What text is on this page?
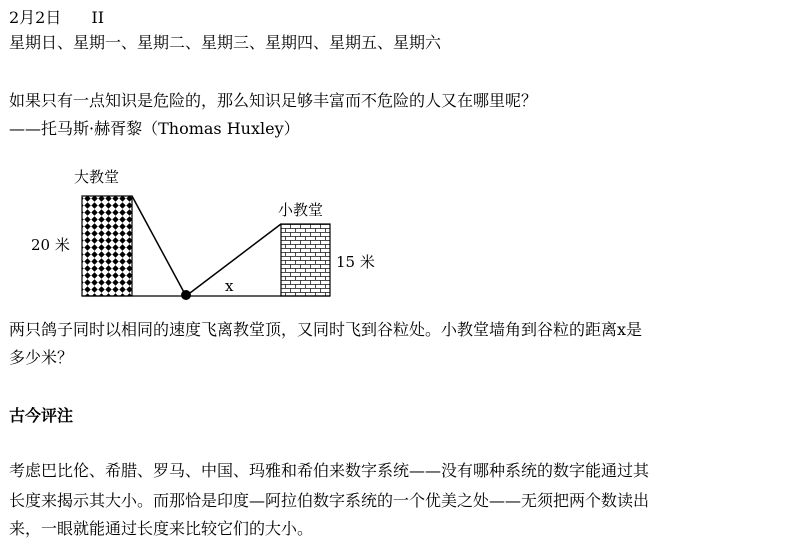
2月2日 II
星期日、星期一、星期二、星期三、星期四、星期五、星期六
如果只有一点知识是危险的，那么知识足够丰富而不危险的人又在哪里呢？
——托马斯·赫胥黎（Thomas Huxley）
大教堂
20 米
小教堂
15 米
x
两只鸽子同时以相同的速度飞离教堂顶，又同时飞到谷粒处。小教堂墙角到谷粒的距离x是
多少米？
古今评注
考虑巴比伦、希腊、罗马、中国、玛雅和希伯来数字系统——没有哪种系统的数字能通过其
长度来揭示其大小。而那恰是印度—阿拉伯数字系统的一个优美之处——无须把两个数读出
来，一眼就能通过长度来比较它们的大小。
